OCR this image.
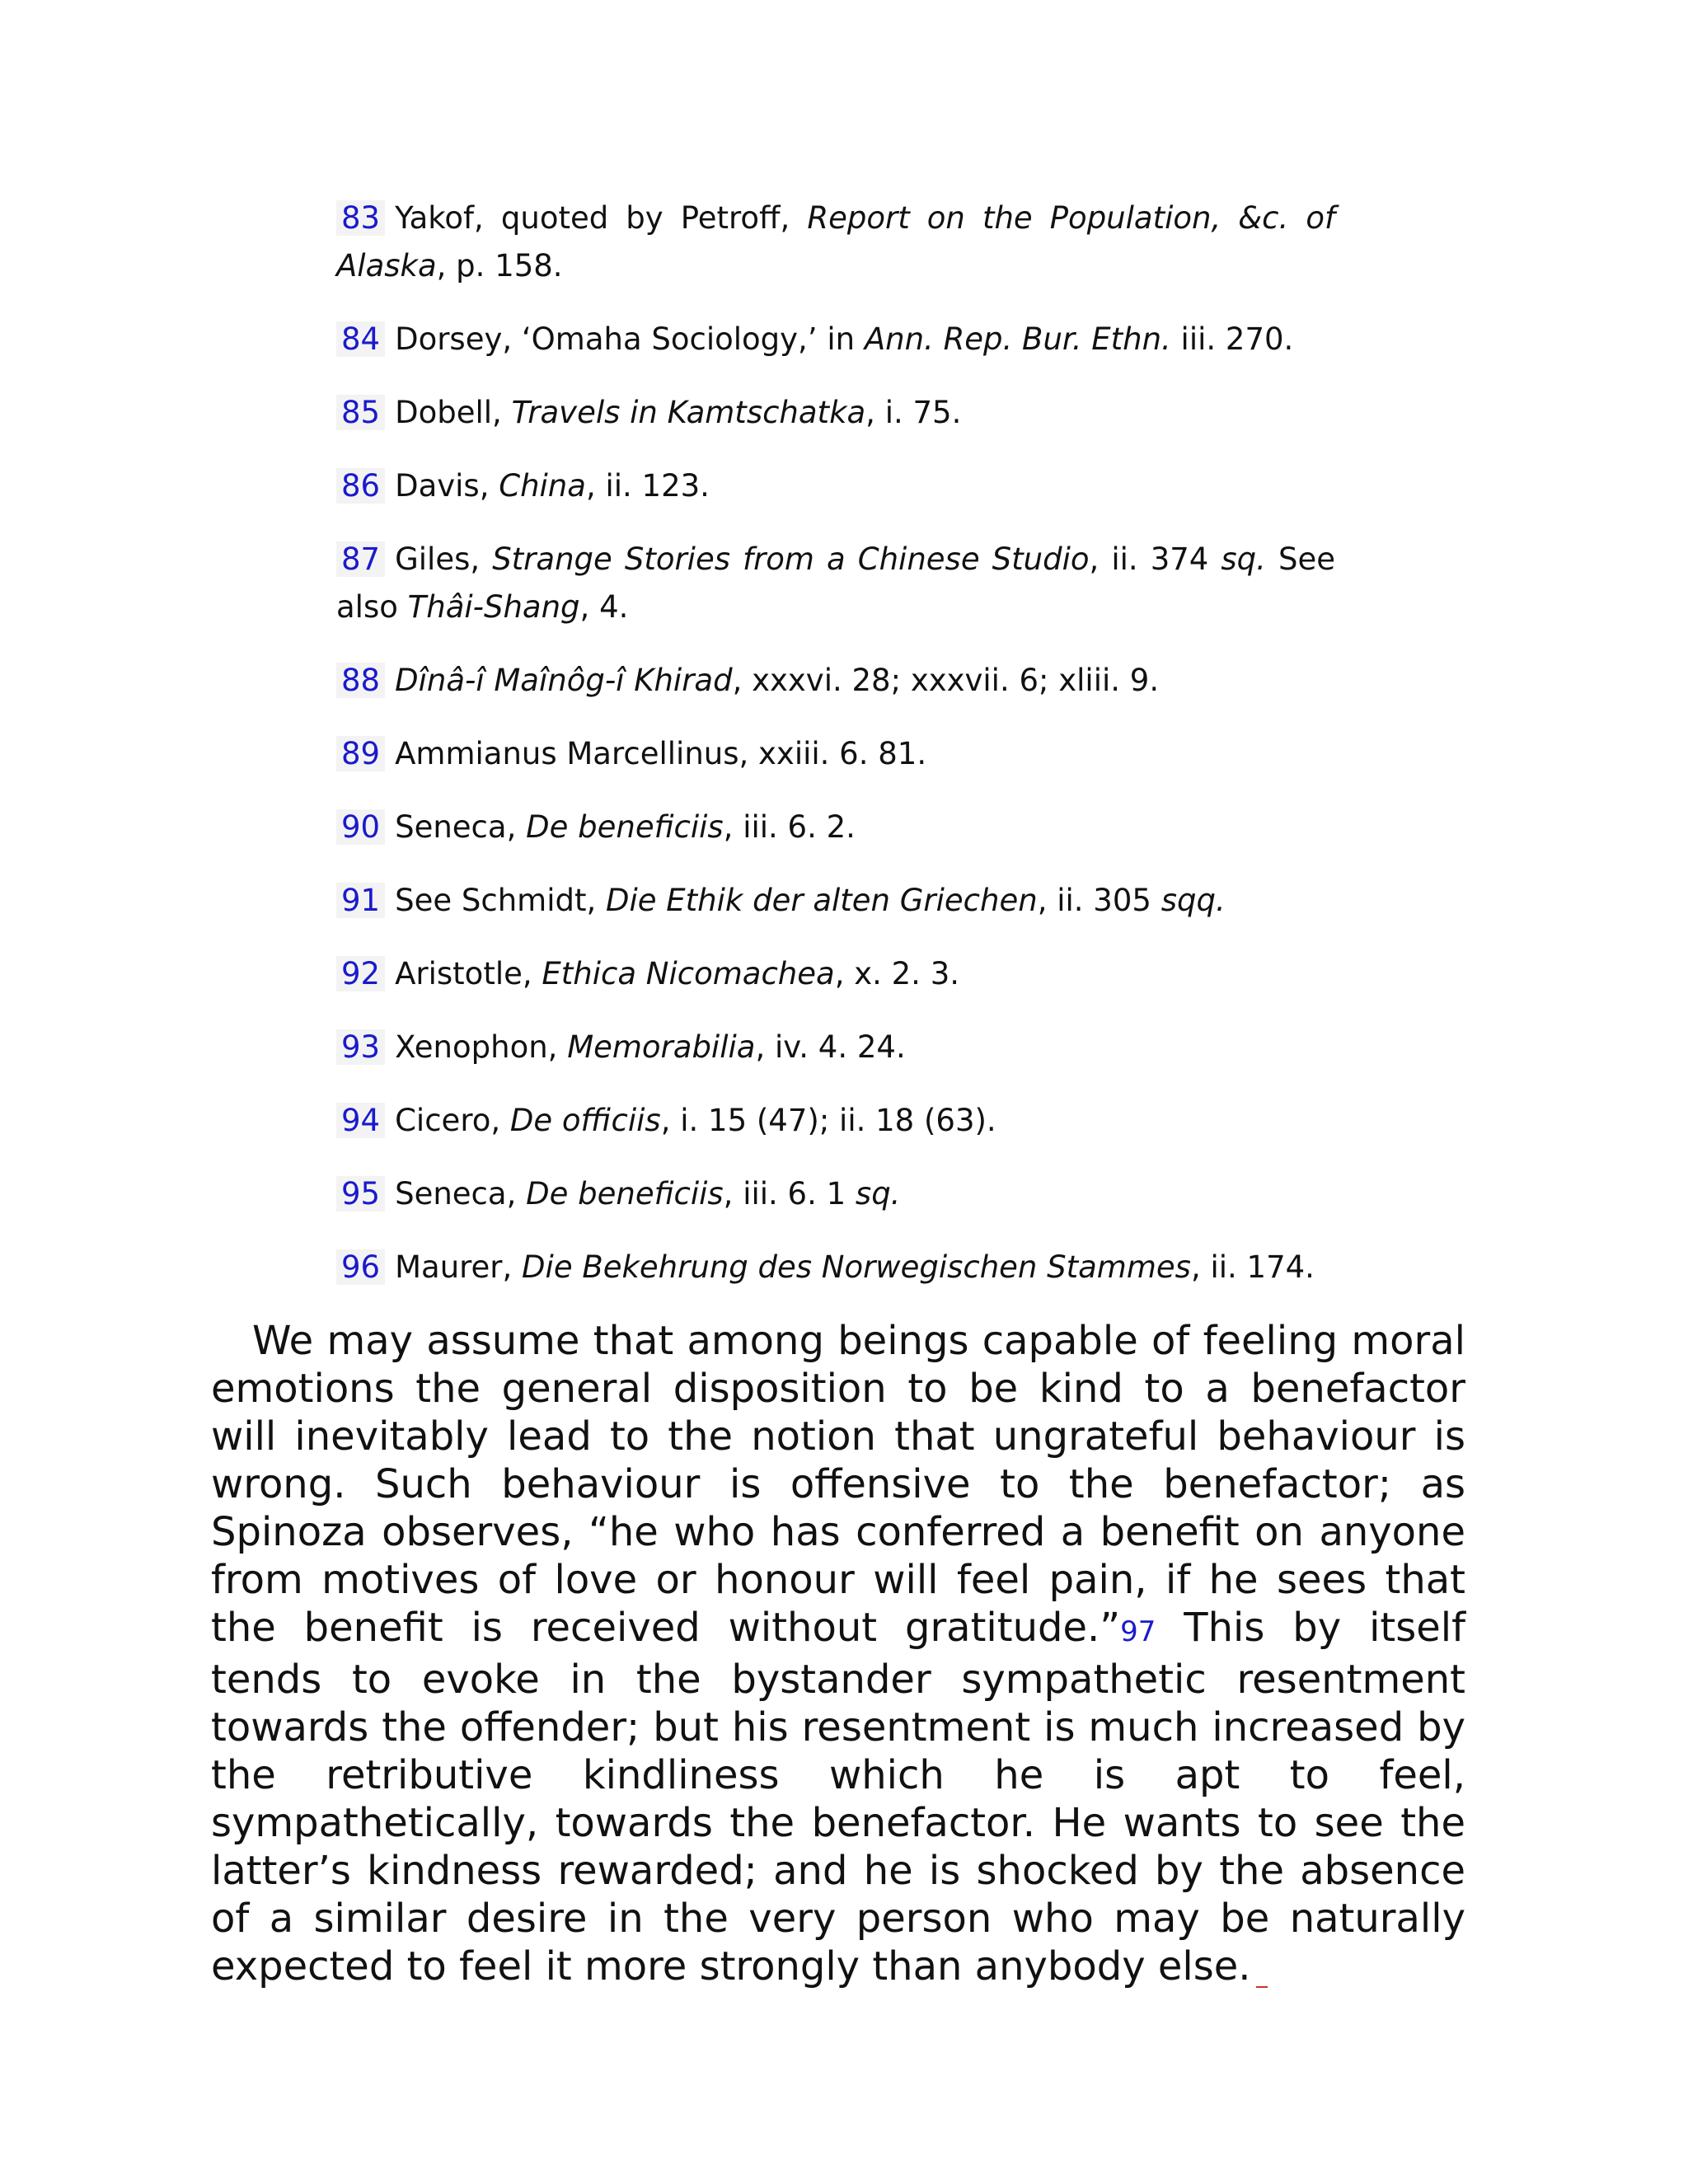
83 Yakof, quoted by Petroff, Report on the Population, &c. of Alaska, p. 158.

84 Dorsey, ‘Omaha Sociology,’ in Ann. Rep. Bur. Ethn. iii. 270.

85 Dobell, Travels in Kamtschatka, i. 75.

86 Davis, China, ii. 123.

87 Giles, Strange Stories from a Chinese Studio, ii. 374 sq. See also Thâi-Shang, 4.

88 Dînâ-î Maînôg-î Khirad, xxxvi. 28; xxxvii. 6; xliii. 9.

89 Ammianus Marcellinus, xxiii. 6. 81.

90 Seneca, De beneficiis, iii. 6. 2.

91 See Schmidt, Die Ethik der alten Griechen, ii. 305 sqq.

92 Aristotle, Ethica Nicomachea, x. 2. 3.

93 Xenophon, Memorabilia, iv. 4. 24.

94 Cicero, De officiis, i. 15 (47); ii. 18 (63).

95 Seneca, De beneficiis, iii. 6. 1 sq.

96 Maurer, Die Bekehrung des Norwegischen Stammes, ii. 174.

We may assume that among beings capable of feeling moral emotions the general disposition to be kind to a benefactor will inevitably lead to the notion that ungrateful behaviour is wrong. Such behaviour is offensive to the benefactor; as Spinoza observes, “he who has conferred a benefit on anyone from motives of love or honour will feel pain, if he sees that the benefit is received without gratitude.”97 This by itself tends to evoke in the bystander sympathetic resentment towards the offender; but his resentment is much increased by the retributive kindliness which he is apt to feel, sympathetically, towards the benefactor. He wants to see the latter’s kindness rewarded; and he is shocked by the absence of a similar desire in the very person who may be naturally expected to feel it more strongly than anybody else.
